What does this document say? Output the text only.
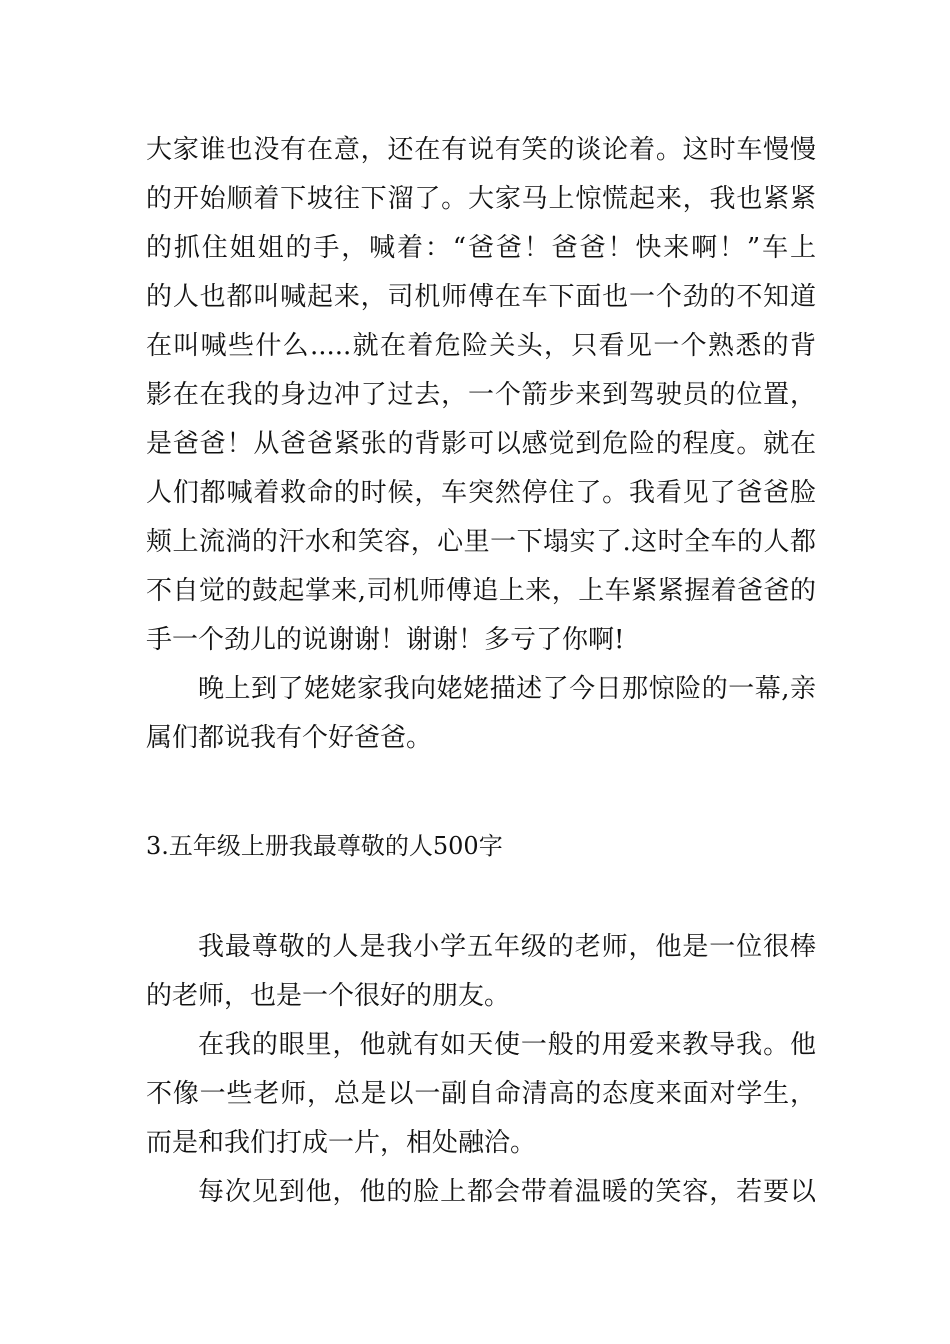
大家谁也没有在意，还在有说有笑的谈论着。这时车慢慢
的开始顺着下坡往下溜了。大家马上惊慌起来，我也紧紧
的抓住姐姐的手，喊着：“爸爸！爸爸！快来啊！”车上
的人也都叫喊起来，司机师傅在车下面也一个劲的不知道
在叫喊些什么.....就在着危险关头，只看见一个熟悉的背
影在在我的身边冲了过去，一个箭步来到驾驶员的位置，
是爸爸！从爸爸紧张的背影可以感觉到危险的程度。就在
人们都喊着救命的时候，车突然停住了。我看见了爸爸脸
颊上流淌的汗水和笑容，心里一下塌实了.这时全车的人都
不自觉的鼓起掌来,司机师傅追上来，上车紧紧握着爸爸的
手一个劲儿的说谢谢！谢谢！多亏了你啊!
晚上到了姥姥家我向姥姥描述了今日那惊险的一幕,亲
属们都说我有个好爸爸。
3.五年级上册我最尊敬的人500字
我最尊敬的人是我小学五年级的老师，他是一位很棒
的老师，也是一个很好的朋友。
在我的眼里，他就有如天使一般的用爱来教导我。他
不像一些老师，总是以一副自命清高的态度来面对学生，
而是和我们打成一片，相处融洽。
每次见到他，他的脸上都会带着温暖的笑容，若要以
